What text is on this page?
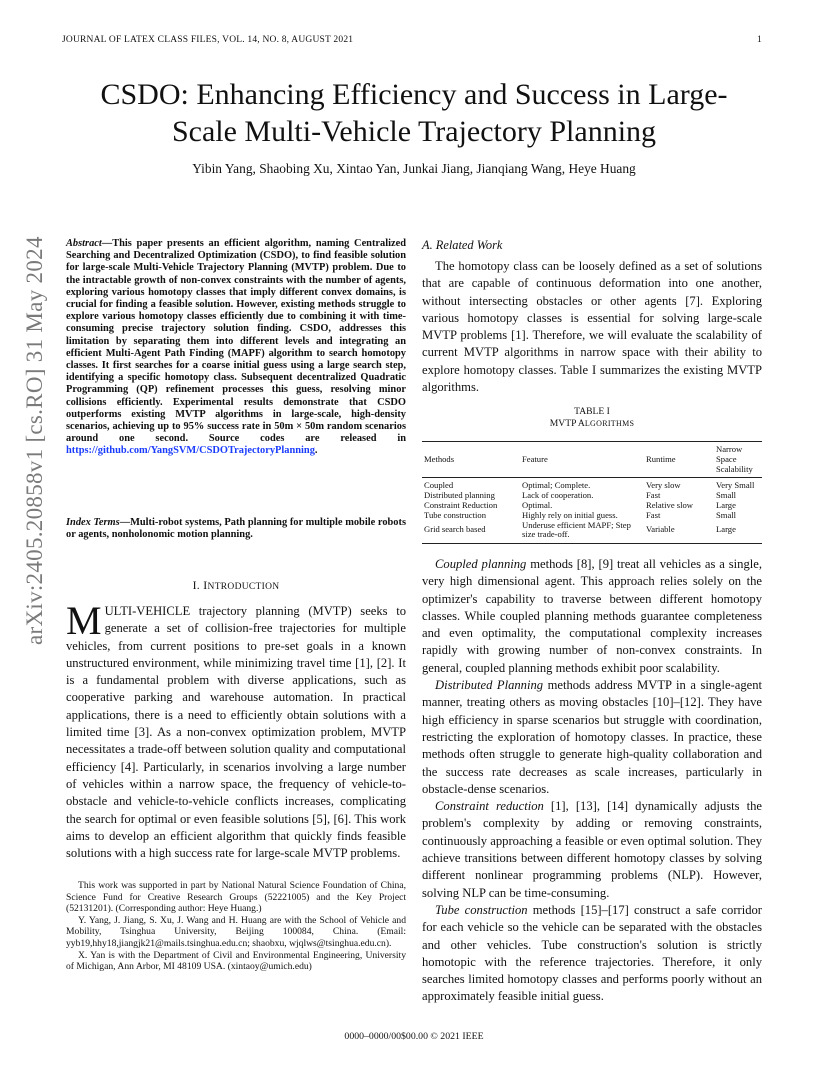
JOURNAL OF LATEX CLASS FILES, VOL. 14, NO. 8, AUGUST 2021	1
CSDO: Enhancing Efficiency and Success in Large-Scale Multi-Vehicle Trajectory Planning
Yibin Yang, Shaobing Xu, Xintao Yan, Junkai Jiang, Jianqiang Wang, Heye Huang
arXiv:2405.20858v1 [cs.RO] 31 May 2024 Abstract—This paper presents an efficient algorithm, naming Centralized Searching and Decentralized Optimization (CSDO), to find feasible solution for large-scale Multi-Vehicle Trajectory Planning (MVTP) problem. Due to the intractable growth of non-convex constraints with the number of agents, exploring various homotopy classes that imply different convex domains, is crucial for finding a feasible solution. However, existing methods struggle to explore various homotopy classes efficiently due to combining it with time-consuming precise trajectory solution finding. CSDO, addresses this limitation by separating them into different levels and integrating an efficient Multi-Agent Path Finding (MAPF) algorithm to search homotopy classes. It first searches for a coarse initial guess using a large search step, identifying a specific homotopy class. Subsequent decentralized Quadratic Programming (QP) refinement processes this guess, resolving minor collisions efficiently. Experimental results demonstrate that CSDO outperforms existing MVTP algorithms in large-scale, high-density scenarios, achieving up to 95% success rate in 50m × 50m random scenarios around one second. Source codes are released in https://github.com/YangSVM/CSDOTrajectoryPlanning.
Index Terms—Multi-robot systems, Path planning for multiple mobile robots or agents, nonholonomic motion planning.
I. INTRODUCTION
MULTI-VEHICLE trajectory planning (MVTP) seeks to generate a set of collision-free trajectories for multiple vehicles, from current positions to pre-set goals in a known unstructured environment, while minimizing travel time [1], [2]. It is a fundamental problem with diverse applications, such as cooperative parking and warehouse automation. In practical applications, there is a need to efficiently obtain solutions with a limited time [3]. As a non-convex optimization problem, MVTP necessitates a trade-off between solution quality and computational efficiency [4]. Particularly, in scenarios involving a large number of vehicles within a narrow space, the frequency of vehicle-to-obstacle and vehicle-to-vehicle conflicts increases, complicating the search for optimal or even feasible solutions [5], [6]. This work aims to develop an efficient algorithm that quickly finds feasible solutions with a high success rate for large-scale MVTP problems.

This work was supported in part by National Natural Science Foundation of China, Science Fund for Creative Research Groups (52221005) and the Key Project (52131201). (Corresponding author: Heye Huang.)

Y. Yang, J. Jiang, S. Xu, J. Wang and H. Huang are with the School of Vehicle and Mobility, Tsinghua University, Beijing 100084, China. (Email: yyb19,hhy18,jiangjk21@mails.tsinghua.edu.cn; shaobxu, wjqlws@tsinghua.edu.cn).

X. Yan is with the Department of Civil and Environmental Engineering, University of Michigan, Ann Arbor, MI 48109 USA. (xintaoy@umich.edu)

A. Related Work

The homotopy class can be loosely defined as a set of solutions that are capable of continuous deformation into one another, without intersecting obstacles or other agents [7]. Exploring various homotopy classes is essential for solving large-scale MVTP problems [1]. Therefore, we will evaluate the scalability of current MVTP algorithms in narrow space with their ability to explore homotopy classes. Table I summarizes the existing MVTP algorithms.

TABLE I
MVTP ALGORITHMS
Methods	Feature	Runtime	Narrow Space Scalability
Coupled	Optimal; Complete.	Very slow	Very Small
Distributed planning	Lack of cooperation.	Fast	Small
Constraint Reduction	Optimal.	Relative slow	Large
Tube construction	Highly rely on initial guess.	Fast	Small
Grid search based	Underuse efficient MAPF; Step size trade-off.	Variable	Large

Coupled planning methods [8], [9] treat all vehicles as a single, very high dimensional agent. This approach relies solely on the optimizer's capability to traverse between different homotopy classes. While coupled planning methods guarantee completeness and even optimality, the computational complexity increases rapidly with growing number of non-convex constraints. In general, coupled planning methods exhibit poor scalability.

Distributed Planning methods address MVTP in a single-agent manner, treating others as moving obstacles [10]–[12]. They have high efficiency in sparse scenarios but struggle with coordination, restricting the exploration of homotopy classes. In practice, these methods often struggle to generate high-quality collaboration and the success rate decreases as scale increases, particularly in obstacle-dense scenarios.

Constraint reduction [1], [13], [14] dynamically adjusts the problem's complexity by adding or removing constraints, continuously approaching a feasible or even optimal solution. They achieve transitions between different homotopy classes by solving different nonlinear programming problems (NLP). However, solving NLP can be time-consuming.

Tube construction methods [15]–[17] construct a safe corridor for each vehicle so the vehicle can be separated with the obstacles and other vehicles. Tube construction's solution is strictly homotopic with the reference trajectories. Therefore, it only searches limited homotopy classes and performs poorly without an approximately feasible initial guess.

0000–0000/00$00.00 © 2021 IEEE
